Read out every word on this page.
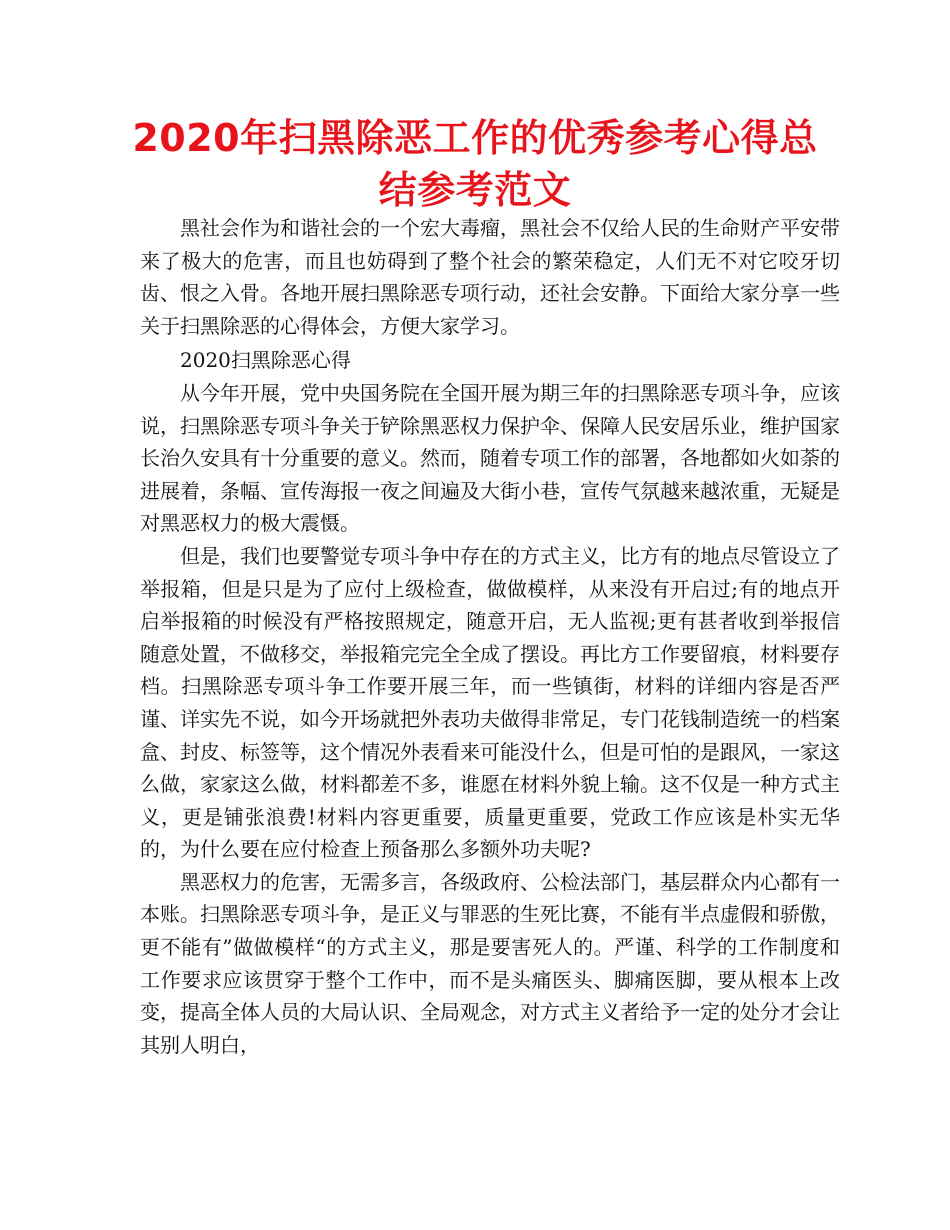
2020年扫黑除恶工作的优秀参考心得总结参考范文

黑社会作为和谐社会的一个宏大毒瘤，黑社会不仅给人民的生命财产平安带来了极大的危害，而且也妨碍到了整个社会的繁荣稳定，人们无不对它咬牙切齿、恨之入骨。各地开展扫黑除恶专项行动，还社会安静。下面给大家分享一些关于扫黑除恶的心得体会，方便大家学习。

2020扫黑除恶心得

从今年开展，党中央国务院在全国开展为期三年的扫黑除恶专项斗争，应该说，扫黑除恶专项斗争关于铲除黑恶权力保护伞、保障人民安居乐业，维护国家长治久安具有十分重要的意义。然而，随着专项工作的部署，各地都如火如荼的进展着，条幅、宣传海报一夜之间遍及大街小巷，宣传气氛越来越浓重，无疑是对黑恶权力的极大震慑。

但是，我们也要警觉专项斗争中存在的方式主义，比方有的地点尽管设立了举报箱，但是只是为了应付上级检查，做做模样，从来没有开启过;有的地点开启举报箱的时候没有严格按照规定，随意开启，无人监视;更有甚者收到举报信随意处置，不做移交，举报箱完完全全成了摆设。再比方工作要留痕，材料要存档。扫黑除恶专项斗争工作要开展三年，而一些镇街，材料的详细内容是否严谨、详实先不说，如今开场就把外表功夫做得非常足，专门花钱制造统一的档案盒、封皮、标签等，这个情况外表看来可能没什么，但是可怕的是跟风，一家这么做，家家这么做，材料都差不多，谁愿在材料外貌上输。这不仅是一种方式主义，更是铺张浪费!材料内容更重要，质量更重要，党政工作应该是朴实无华的，为什么要在应付检查上预备那么多额外功夫呢?

黑恶权力的危害，无需多言，各级政府、公检法部门，基层群众内心都有一本账。扫黑除恶专项斗争，是正义与罪恶的生死比赛，不能有半点虚假和骄傲，更不能有”做做模样“的方式主义，那是要害死人的。严谨、科学的工作制度和工作要求应该贯穿于整个工作中，而不是头痛医头、脚痛医脚，要从根本上改变，提高全体人员的大局认识、全局观念，对方式主义者给予一定的处分才会让其别人明白，
